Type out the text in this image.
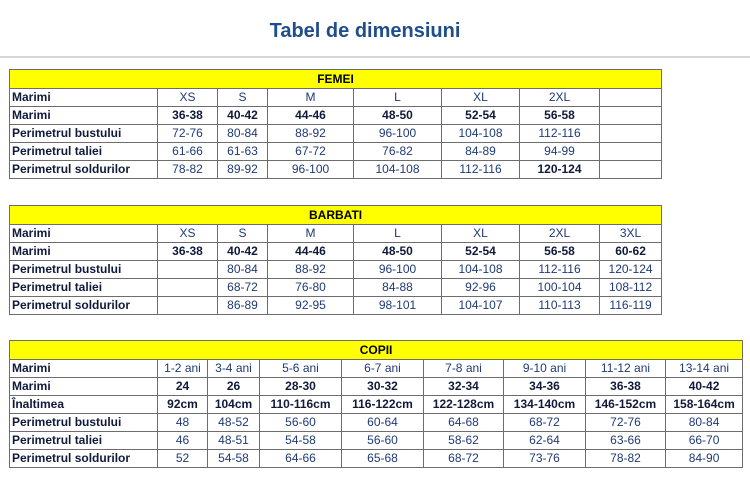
Tabel de dimensiuni
FEMEI							
Marimi	XS	S	M	L	XL	2XL	
Marimi	36-38	40-42	44-46	48-50	52-54	56-58	
Perimetrul bustului	72-76	80-84	88-92	96-100	104-108	112-116	
Perimetrul taliei	61-66	61-63	67-72	76-82	84-89	94-99	
Perimetrul soldurilor	78-82	89-92	96-100	104-108	112-116	120-124	
BARBATI							
Marimi	XS	S	M	L	XL	2XL	3XL
Marimi	36-38	40-42	44-46	48-50	52-54	56-58	60-62
Perimetrul bustului		80-84	88-92	96-100	104-108	112-116	120-124
Perimetrul taliei		68-72	76-80	84-88	92-96	100-104	108-112
Perimetrul soldurilor		86-89	92-95	98-101	104-107	110-113	116-119
COPII								
Marimi	1-2 ani	3-4 ani	5-6 ani	6-7 ani	7-8 ani	9-10 ani	11-12 ani	13-14 ani
Marimi	24	26	28-30	30-32	32-34	34-36	36-38	40-42
Înaltimea	92cm	104cm	110-116cm	116-122cm	122-128cm	134-140cm	146-152cm	158-164cm
Perimetrul bustului	48	48-52	56-60	60-64	64-68	68-72	72-76	80-84
Perimetrul taliei	46	48-51	54-58	56-60	58-62	62-64	63-66	66-70
Perimetrul soldurilor	52	54-58	64-66	65-68	68-72	73-76	78-82	84-90
